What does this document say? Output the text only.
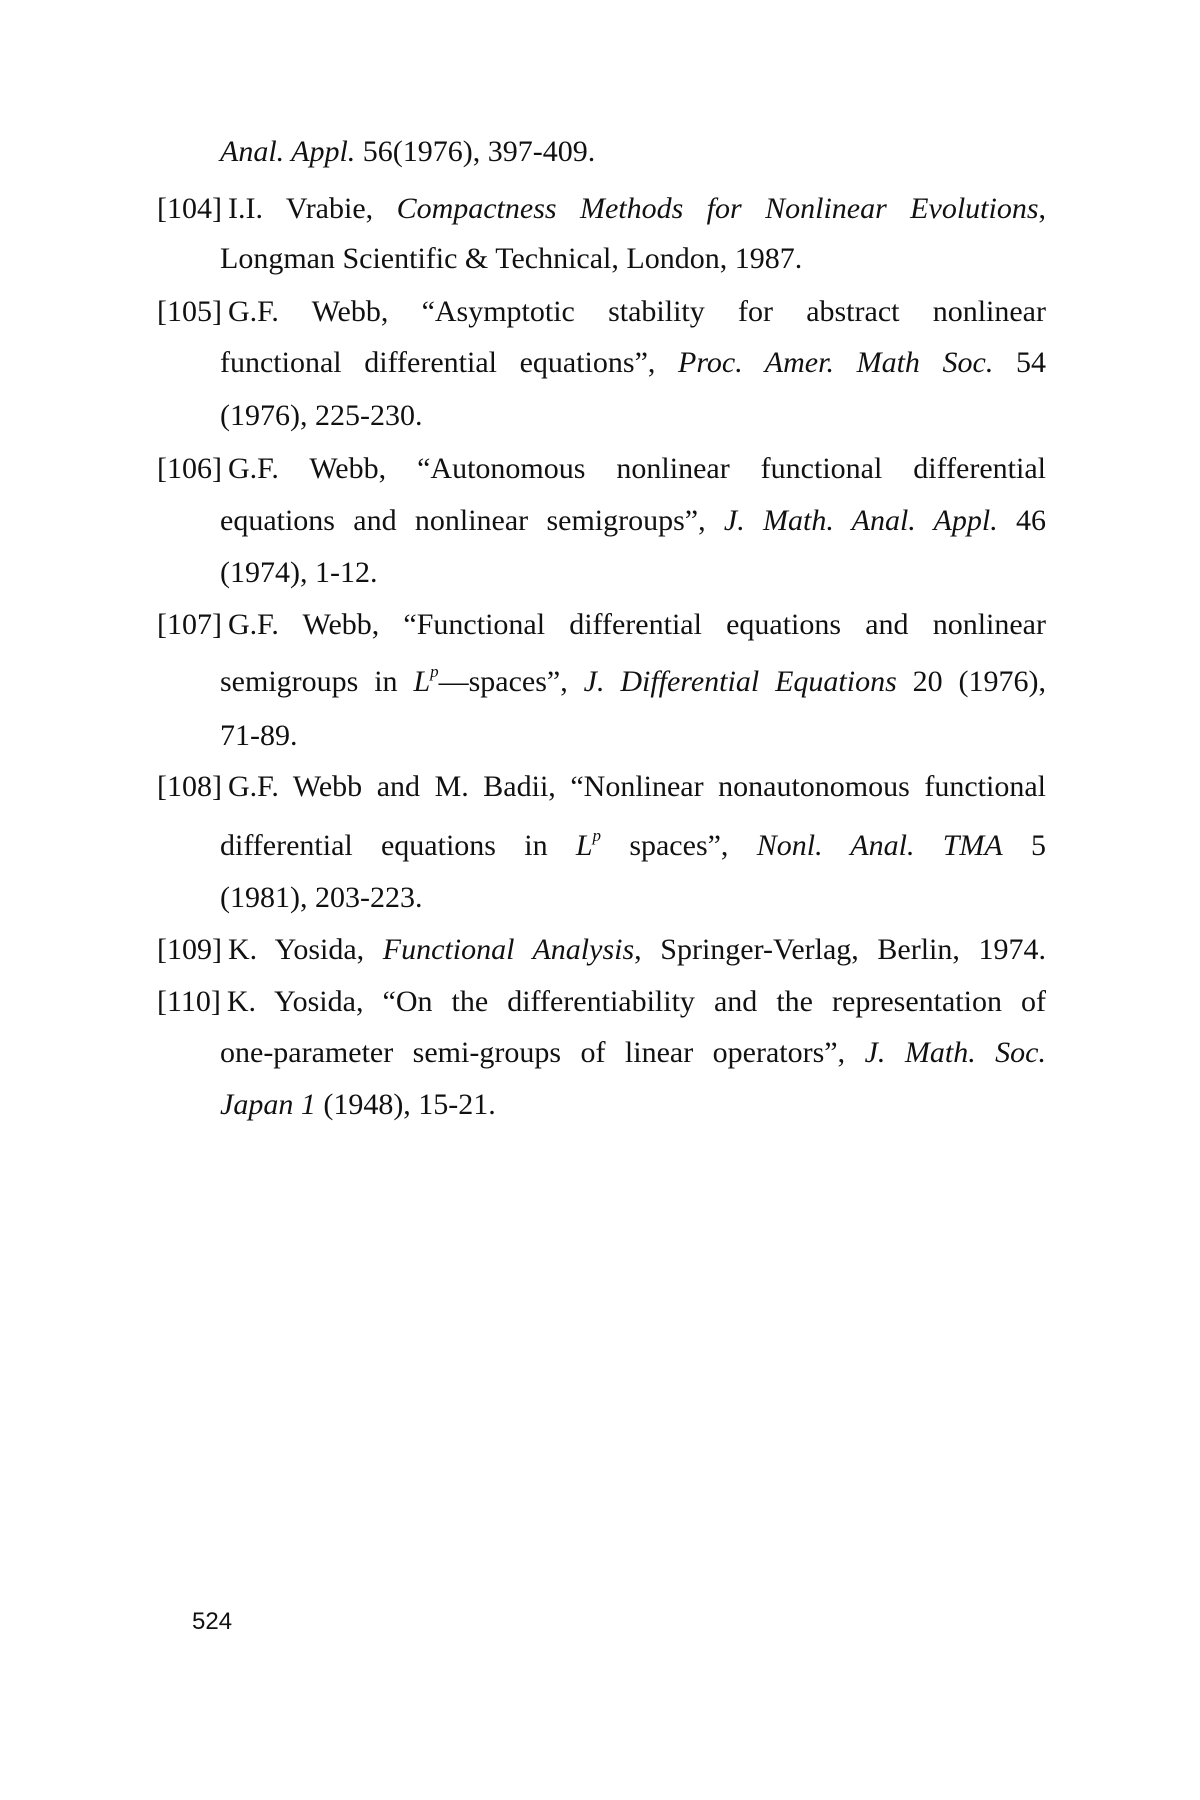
Anal. Appl. 56(1976), 397-409.
[104] I.I. Vrabie, Compactness Methods for Nonlinear Evolutions,
Longman Scientific & Technical, London, 1987.
[105] G.F. Webb, “Asymptotic stability for abstract nonlinear
functional differential equations”, Proc. Amer. Math Soc. 54
(1976), 225-230.
[106] G.F. Webb, “Autonomous nonlinear functional differential
equations and nonlinear semigroups”, J. Math. Anal. Appl. 46
(1974), 1-12.
[107] G.F. Webb, “Functional differential equations and nonlinear
semigroups in $L^p—spaces$”, J. Differential Equations 20 (1976),
71-89.
[108] G.F. Webb and M. Badii, “Nonlinear nonautonomous functional
differential equations in $L^p$ spaces”, Nonl. Anal. TMA 5
(1981), 203-223.
[109] K. Yosida, Functional Analysis, Springer-Verlag, Berlin, 1974.
[110] K. Yosida, “On the differentiability and the representation of
one-parameter semi-groups of linear operators”, J. Math. Soc.
Japan 1 (1948), 15-21.
524
